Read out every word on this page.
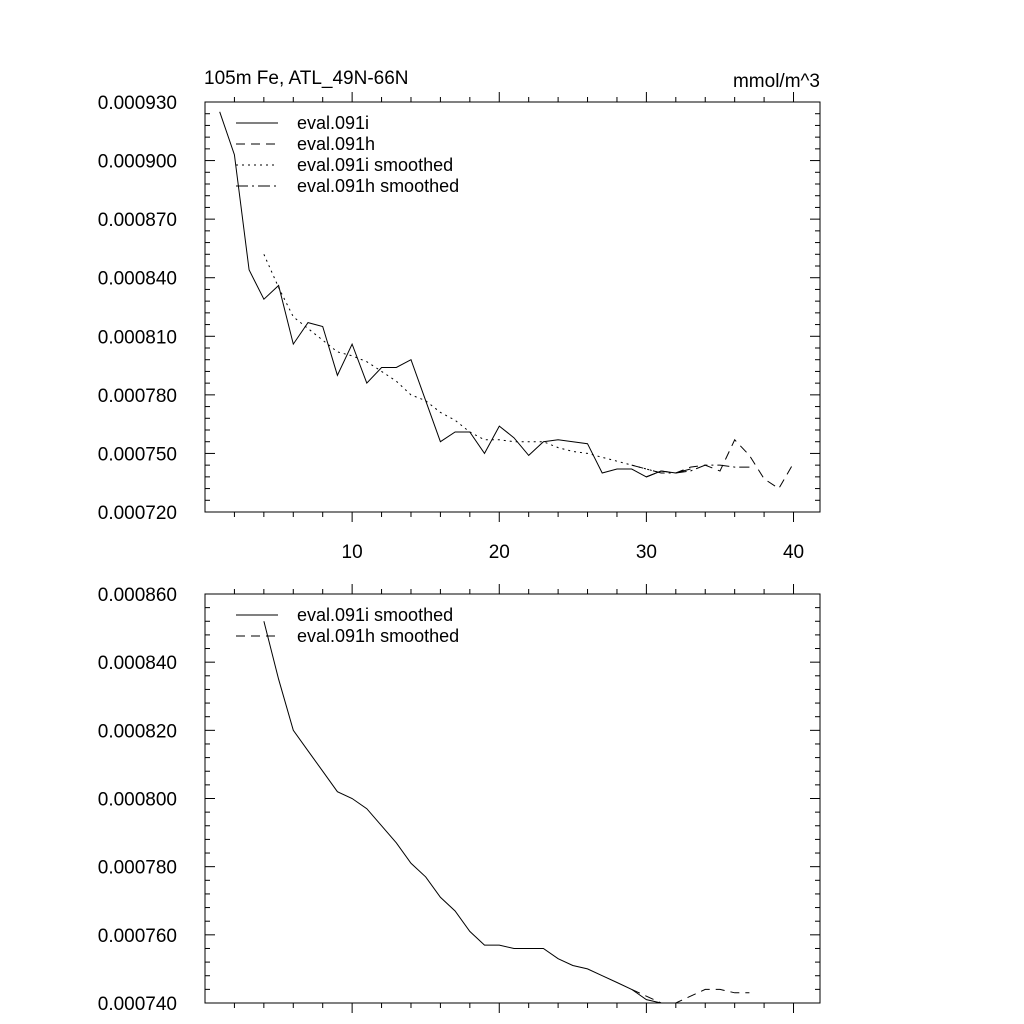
105m Fe, ATL_49N-66N	mmol/m^3
0.000720
0.000750
0.000780
0.000810
0.000840
0.000870
0.000900
0.000930
10	20	30	40
eval.091i
eval.091h
eval.091i smoothed
eval.091h smoothed
0.000740
0.000760
0.000780
0.000800
0.000820
0.000840
0.000860
eval.091i smoothed
eval.091h smoothed
